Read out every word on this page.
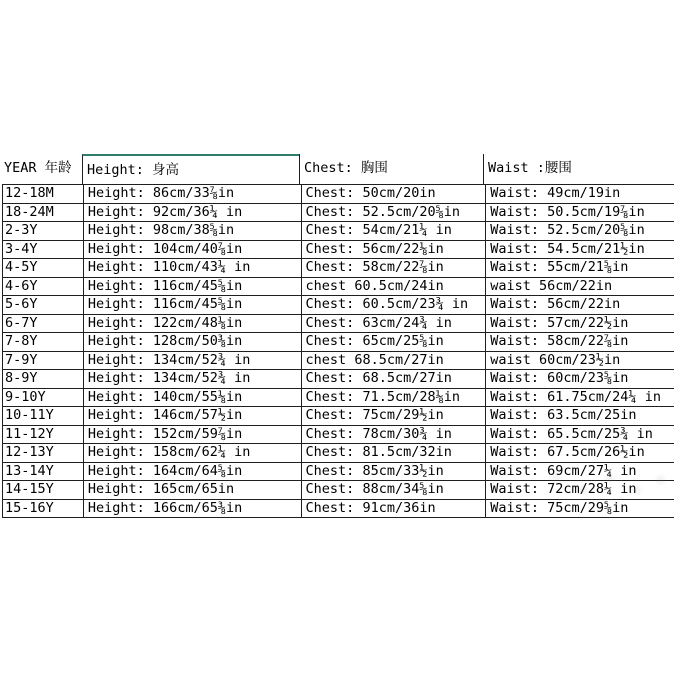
YEAR 年龄	Height: 身高	Chest: 胸围	Waist :腰围
12-18M	Height: 86cm/33⅞in	Chest: 50cm/20in	Waist: 49cm/19in
18-24M	Height: 92cm/36¼ in	Chest: 52.5cm/20⅝in	Waist: 50.5cm/19⅞in
2-3Y	Height: 98cm/38⅝in	Chest: 54cm/21¼ in	Waist: 52.5cm/20⅝in
3-4Y	Height: 104cm/40⅞in	Chest: 56cm/22⅛in	Waist: 54.5cm/21½in
4-5Y	Height: 110cm/43¼ in	Chest: 58cm/22⅞in	Waist: 55cm/21⅝in
4-6Y	Height: 116cm/45⅝in	chest 60.5cm/24in	waist 56cm/22in
5-6Y	Height: 116cm/45⅝in	Chest: 60.5cm/23¾ in	Waist: 56cm/22in
6-7Y	Height: 122cm/48⅛in	Chest: 63cm/24¾ in	Waist: 57cm/22½in
7-8Y	Height: 128cm/50⅜in	Chest: 65cm/25⅝in	Waist: 58cm/22⅞in
7-9Y	Height: 134cm/52¾ in	chest 68.5cm/27in	waist 60cm/23½in
8-9Y	Height: 134cm/52¾ in	Chest: 68.5cm/27in	Waist: 60cm/23⅝in
9-10Y	Height: 140cm/55⅛in	Chest: 71.5cm/28⅛in	Waist: 61.75cm/24¼ in
10-11Y	Height: 146cm/57½in	Chest: 75cm/29½in	Waist: 63.5cm/25in
11-12Y	Height: 152cm/59⅞in	Chest: 78cm/30¾ in	Waist: 65.5cm/25¾ in
12-13Y	Height: 158cm/62¼ in	Chest: 81.5cm/32in	Waist: 67.5cm/26½in
13-14Y	Height: 164cm/64⅝in	Chest: 85cm/33½in	Waist: 69cm/27¼ in
14-15Y	Height: 165cm/65in	Chest: 88cm/34⅝in	Waist: 72cm/28¼ in
15-16Y	Height: 166cm/65⅜in	Chest: 91cm/36in	Waist: 75cm/29⅝in
